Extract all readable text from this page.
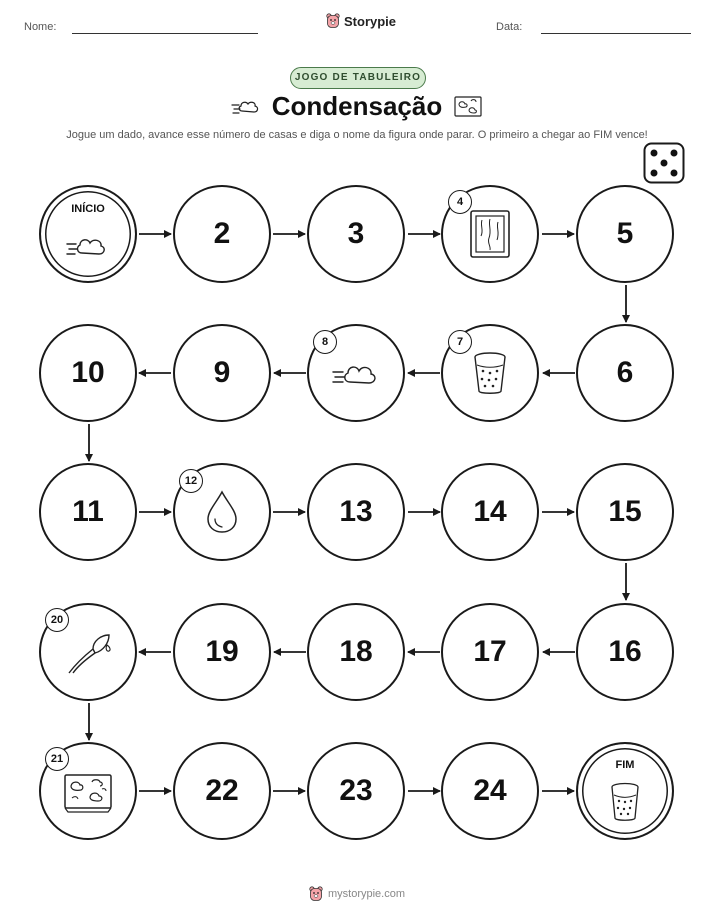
Nome:	Storypie	Data:
JOGO DE TABULEIRO
Condensação
Jogue um dado, avance esse número de casas e diga o nome da figura onde parar. O primeiro a chegar ao FIM vence!
INÍCIO
2	3
4
5
10	9
8	7
6
11
12
13	14	15
20
19	18	17	16
21
22	23	24
FIM
mystorypie.com
